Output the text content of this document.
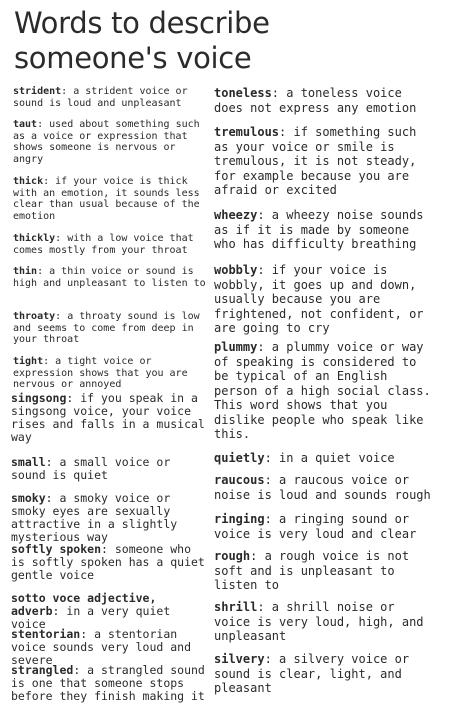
Words to describe
someone's voice

strident: a strident voice or sound is loud and unpleasant

taut: used about something such as a voice or expression that shows someone is nervous or angry

thick: if your voice is thick with an emotion, it sounds less clear than usual because of the emotion

thickly: with a low voice that comes mostly from your throat

thin: a thin voice or sound is high and unpleasant to listen to

throaty: a throaty sound is low and seems to come from deep in your throat

tight: a tight voice or expression shows that you are nervous or annoyed

singsong: if you speak in a singsong voice, your voice rises and falls in a musical way

small: a small voice or sound is quiet

smoky: a smoky voice or smoky eyes are sexually attractive in a slightly mysterious way

softly spoken: someone who is softly spoken has a quiet gentle voice

sotto voce adjective, adverb: in a very quiet voice

stentorian: a stentorian voice sounds very loud and severe

strangled: a strangled sound is one that someone stops before they finish making it

toneless: a toneless voice does not express any emotion

tremulous: if something such as your voice or smile is tremulous, it is not steady, for example because you are afraid or excited

wheezy: a wheezy noise sounds as if it is made by someone who has difficulty breathing

wobbly: if your voice is wobbly, it goes up and down, usually because you are frightened, not confident, or are going to cry

plummy: a plummy voice or way of speaking is considered to be typical of an English person of a high social class. This word shows that you dislike people who speak like this.

quietly: in a quiet voice

raucous: a raucous voice or noise is loud and sounds rough

ringing: a ringing sound or voice is very loud and clear

rough: a rough voice is not soft and is unpleasant to listen to

shrill: a shrill noise or voice is very loud, high, and unpleasant

silvery: a silvery voice or sound is clear, light, and pleasant
